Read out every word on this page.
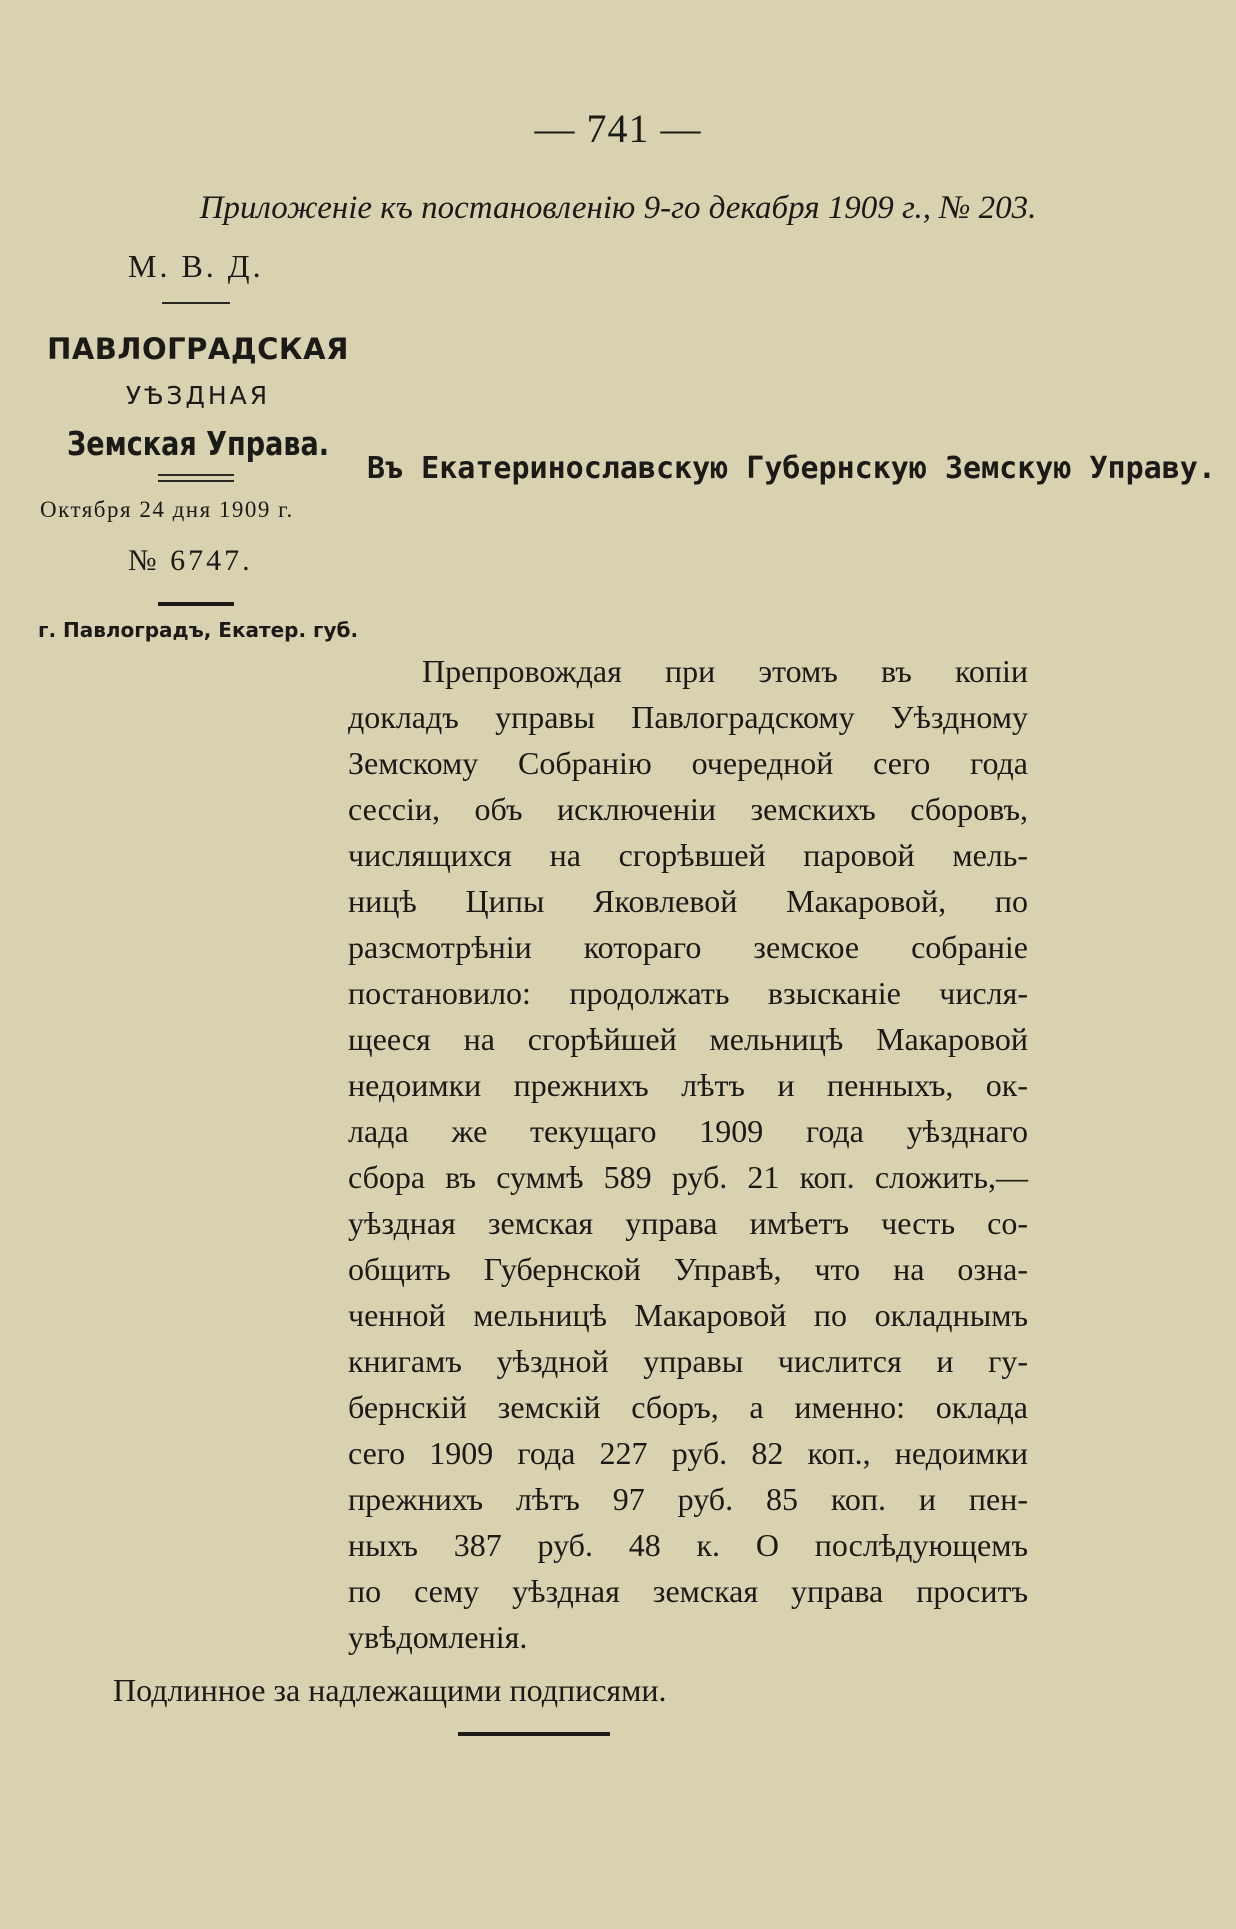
— 741 —
Приложенiе къ постановленiю 9-го декабря 1909 г., № 203.
М. В. Д.
ПАВЛОГРАДСКАЯ
УѢЗДНАЯ
Земская Управа.
Октября 24 дня 1909 г.
№ 6747.
г. Павлоградъ, Екатер. губ.

Въ Екатеринославскую Губернскую Земскую Управу.

Препровождая при этомъ въ копiи
докладъ управы Павлоградскому Уѣздному
Земскому Собранiю очередной сего года
сессiи, объ исключенiи земскихъ сборовъ,
числящихся на сгорѣвшей паровой мель-
ницѣ Ципы Яковлевой Макаровой, по
разсмотрѣнiи котораго земское собранiе
постановило: продолжать взысканiе числя-
щееся на сгорѣйшей мельницѣ Макаровой
недоимки прежнихъ лѣтъ и пенныхъ, ок-
лада же текущаго 1909 года уѣзднаго
сбора въ суммѣ 589 руб. 21 коп. сложить,—
уѣздная земская управа имѣетъ честь со-
общить Губернской Управѣ, что на озна-
ченной мельницѣ Макаровой по окладнымъ
книгамъ уѣздной управы числится и гу-
бернскiй земскiй сборъ, а именно: оклада
сего 1909 года 227 руб. 82 коп., недоимки
прежнихъ лѣтъ 97 руб. 85 коп. и пен-
ныхъ 387 руб. 48 к. О послѣдующемъ
по сему уѣздная земская управа проситъ
увѣдомленiя.
Подлинное за надлежащими подписями.
